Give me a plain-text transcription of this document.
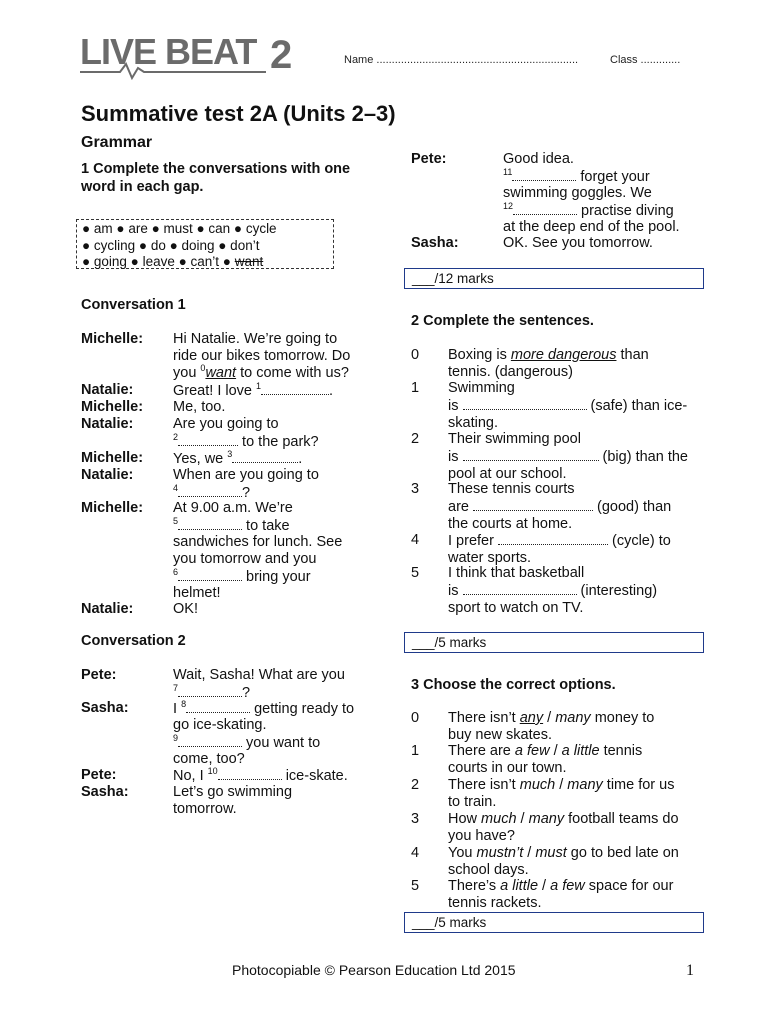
LIVE BEAT 2	Name ..................................................................	Class .............
Summative test 2A (Units 2–3)
Grammar
1 Complete the conversations with one word in each gap.
● am ● are ● must ● can ● cycle
● cycling ● do ● doing ● don’t
● going ● leave ● can’t ● want
Conversation 1
Michelle: Hi Natalie. We’re going to
ride our bikes tomorrow. Do
you $^0$want to come with us?
Natalie:	Great! I love $^1$	.
Michelle: Me, too.
Natalie:	Are you going to
$^2$	to the park?
Michelle: Yes, we $^3$	.
Natalie:	When are you going to
$^4$	?
Michelle: At 9.00 a.m. We’re
$^5$	to take
sandwiches for lunch. See
you tomorrow and you
$^6$	bring your
helmet!
Natalie:	OK!
Conversation 2
Pete:	Wait, Sasha! What are you
$^7$	?
Sasha:	I $^8$	getting ready to
go ice-skating.
$^9$	you want to
come, too?
Pete:	No, I $^{10}$	ice-skate.
Sasha:	Let’s go swimming
tomorrow.
Pete:	Good idea.
$^{11}$	forget your
swimming goggles. We
$^{12}$	practise diving
at the deep end of the pool.
Sasha:	OK. See you tomorrow.
___/12 marks
2 Complete the sentences.
0 Boxing is more dangerous than
tennis. (dangerous)
1 Swimming
is	(safe) than ice-
skating.
2 Their swimming pool
is	(big) than the
pool at our school.
3 These tennis courts
are	(good) than
the courts at home.
4 I prefer	(cycle) to
water sports.
5 I think that basketball
is	(interesting)
sport to watch on TV.
___/5 marks
3 Choose the correct options.
0 There isn’t any / many money to
buy new skates.
1 There are a few / a little tennis
courts in our town.
2 There isn’t much / many time for us
to train.
3 How much / many football teams do
you have?
4 You mustn’t / must go to bed late on
school days.
5 There’s a little / a few space for our
tennis rackets.
___/5 marks
Photocopiable © Pearson Education Ltd 2015	1
